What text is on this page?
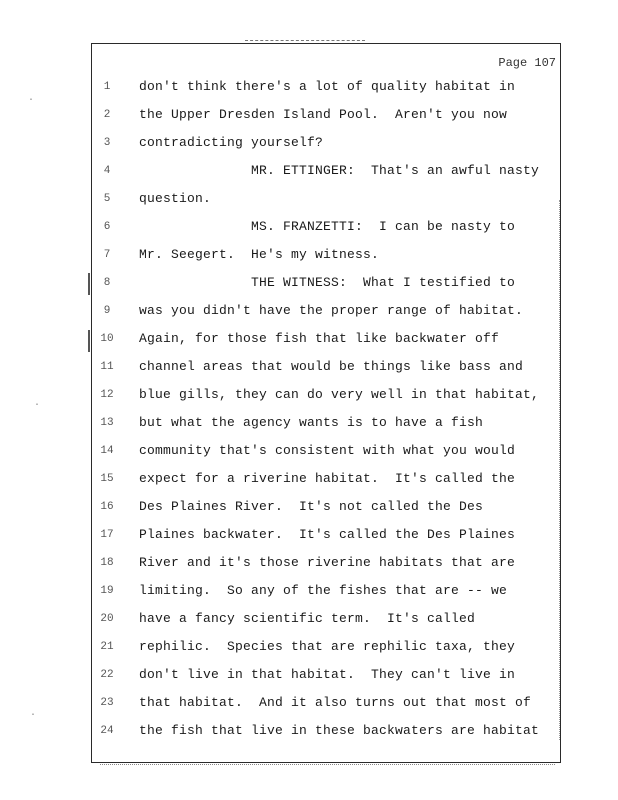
·
·
·
Page 107
1	don't think there's a lot of quality habitat in
2	the Upper Dresden Island Pool.  Aren't you now
3	contradicting yourself?
4	MR. ETTINGER:  That's an awful nasty
5	question.
6	MS. FRANZETTI:  I can be nasty to
7	Mr. Seegert.  He's my witness.
8	THE WITNESS:  What I testified to
9	was you didn't have the proper range of habitat.
10	Again, for those fish that like backwater off
11	channel areas that would be things like bass and
12	blue gills, they can do very well in that habitat,
13	but what the agency wants is to have a fish
14	community that's consistent with what you would
15	expect for a riverine habitat.  It's called the
16	Des Plaines River.  It's not called the Des
17	Plaines backwater.  It's called the Des Plaines
18	River and it's those riverine habitats that are
19	limiting.  So any of the fishes that are -- we
20	have a fancy scientific term.  It's called
21	rephilic.  Species that are rephilic taxa, they
22	don't live in that habitat.  They can't live in
23	that habitat.  And it also turns out that most of
24	the fish that live in these backwaters are habitat
